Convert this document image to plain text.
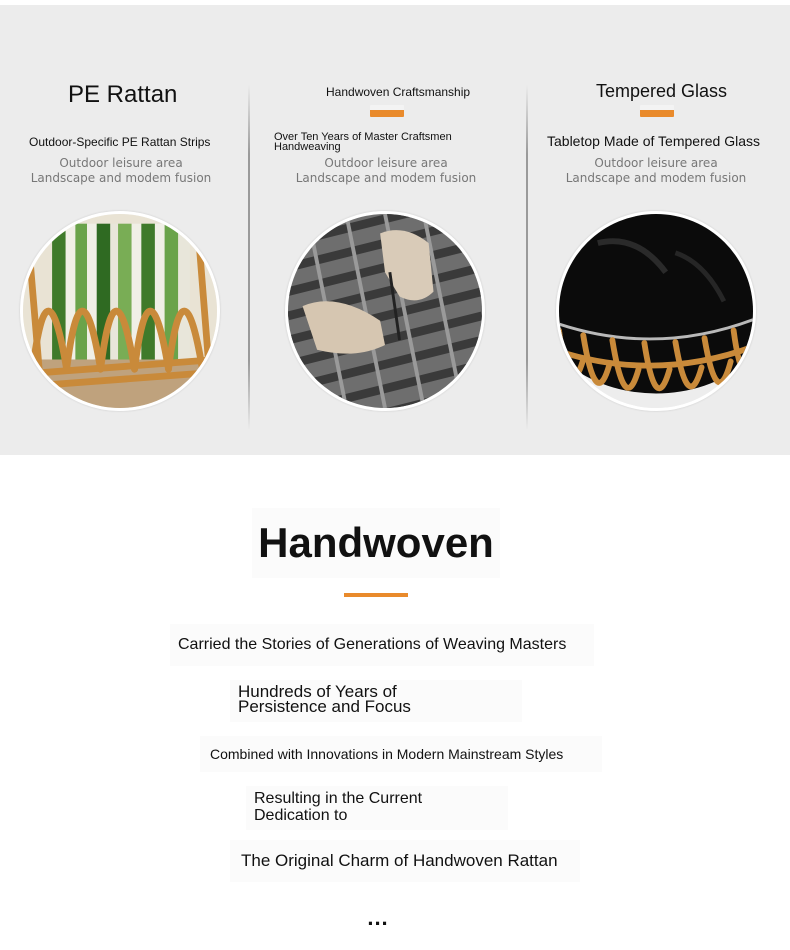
PE Rattan
Outdoor-Specific PE Rattan Strips
Outdoor leisure area
Landscape and modem fusion
Handwoven Craftsmanship
Over Ten Years of Master Craftsmen Handweaving
Outdoor leisure area
Landscape and modem fusion
Tempered Glass
Tabletop Made of Tempered Glass
Outdoor leisure area
Landscape and modem fusion
Handwoven
Carried the Stories of Generations of Weaving Masters
Hundreds of Years of Persistence and Focus
Combined with Innovations in Modern Mainstream Styles
Resulting in the Current Dedication to
The Original Charm of Handwoven Rattan
...
